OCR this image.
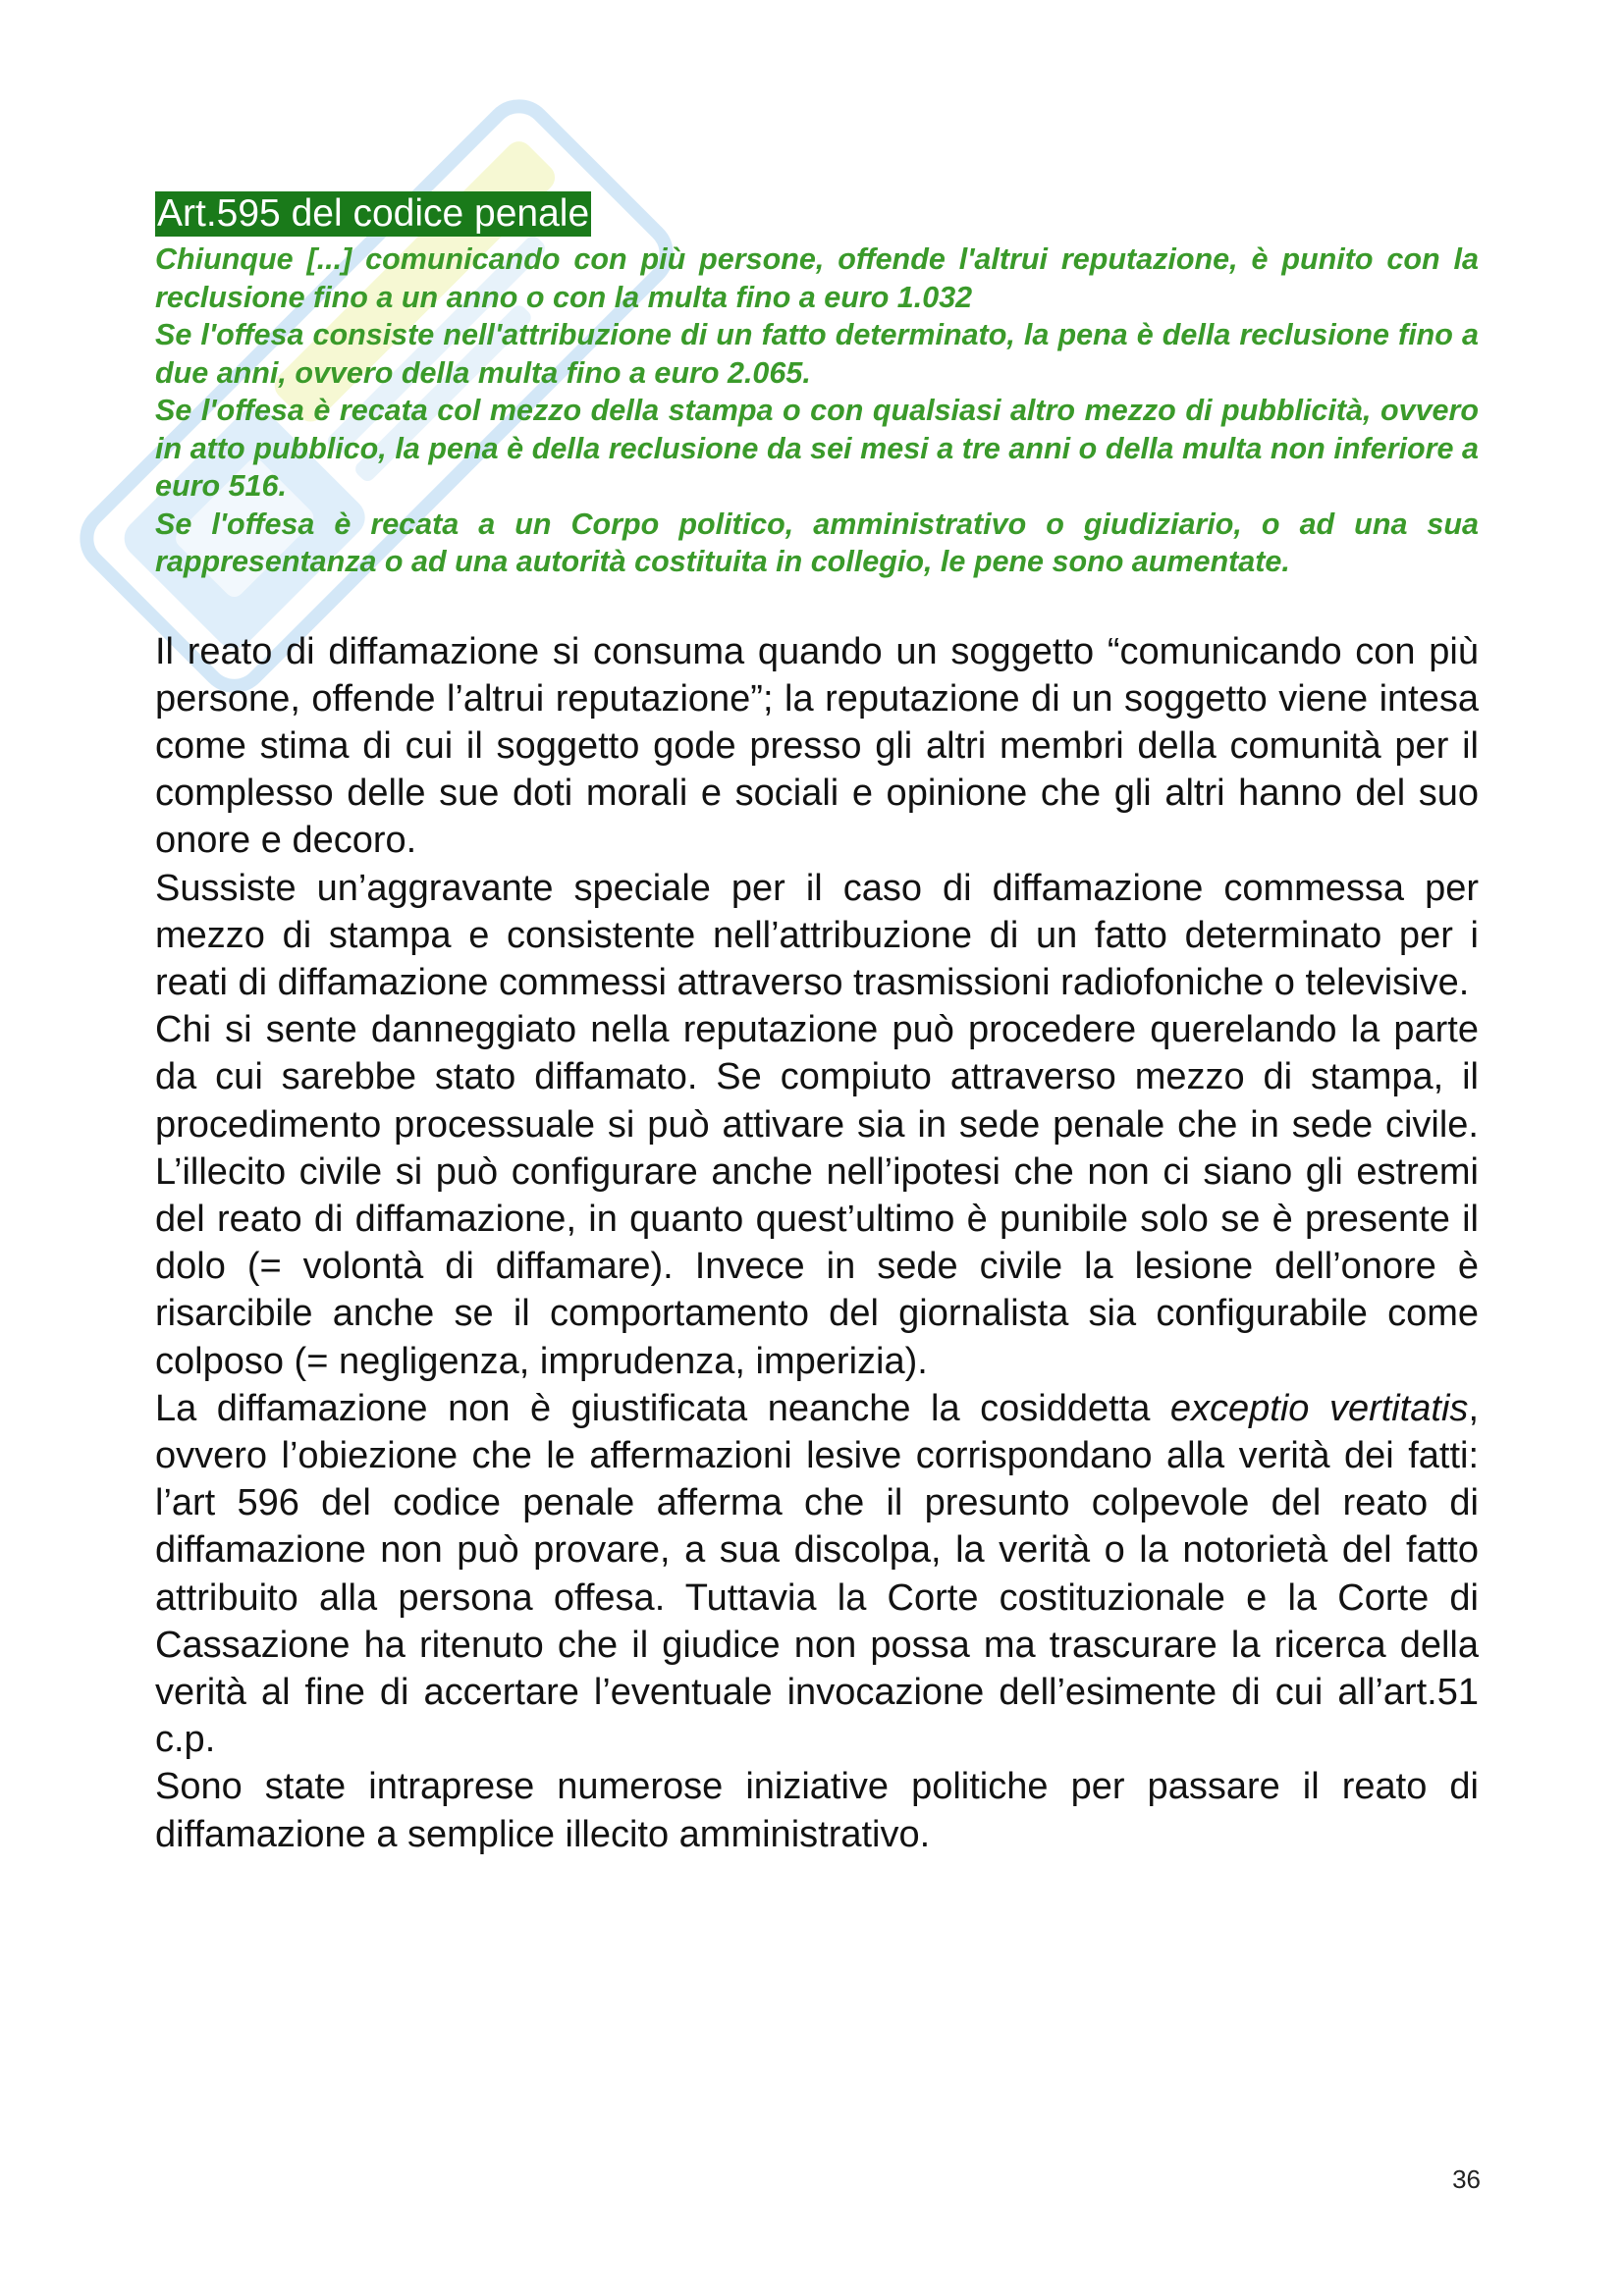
Art.595 del codice penale

Chiunque [...] comunicando con più persone, offende l'altrui reputazione, è punito con la reclusione fino a un anno o con la multa fino a euro 1.032

Se l'offesa consiste nell'attribuzione di un fatto determinato, la pena è della reclusione fino a due anni, ovvero della multa fino a euro 2.065.

Se l'offesa è recata col mezzo della stampa o con qualsiasi altro mezzo di pubblicità, ovvero in atto pubblico, la pena è della reclusione da sei mesi a tre anni o della multa non inferiore a euro 516.

Se l'offesa è recata a un Corpo politico, amministrativo o giudiziario, o ad una sua rappresentanza o ad una autorità costituita in collegio, le pene sono aumentate.

Il reato di diffamazione si consuma quando un soggetto “comunicando con più persone, offende l’altrui reputazione”; la reputazione di un soggetto viene intesa come stima di cui il soggetto gode presso gli altri membri della comunità per il complesso delle sue doti morali e sociali e opinione che gli altri hanno del suo onore e decoro.

Sussiste un’aggravante speciale per il caso di diffamazione commessa per mezzo di stampa e consistente nell’attribuzione di un fatto determinato per i reati di diffamazione commessi attraverso trasmissioni radiofoniche o televisive.

Chi si sente danneggiato nella reputazione può procedere querelando la parte da cui sarebbe stato diffamato. Se compiuto attraverso mezzo di stampa, il procedimento processuale si può attivare sia in sede penale che in sede civile. L’illecito civile si può configurare anche nell’ipotesi che non ci siano gli estremi del reato di diffamazione, in quanto quest’ultimo è punibile solo se è presente il dolo (= volontà di diffamare). Invece in sede civile la lesione dell’onore è risarcibile anche se il comportamento del giornalista sia configurabile come colposo (= negligenza, imprudenza, imperizia).

La diffamazione non è giustificata neanche la cosiddetta exceptio vertitatis, ovvero l’obiezione che le affermazioni lesive corrispondano alla verità dei fatti: l’art 596 del codice penale afferma che il presunto colpevole del reato di diffamazione non può provare, a sua discolpa, la verità o la notorietà del fatto attribuito alla persona offesa. Tuttavia la Corte costituzionale e la Corte di Cassazione ha ritenuto che il giudice non possa ma trascurare la ricerca della verità al fine di accertare l’eventuale invocazione dell’esimente di cui all’art.51 c.p.

Sono state intraprese numerose iniziative politiche per passare il reato di diffamazione a semplice illecito amministrativo.

36
